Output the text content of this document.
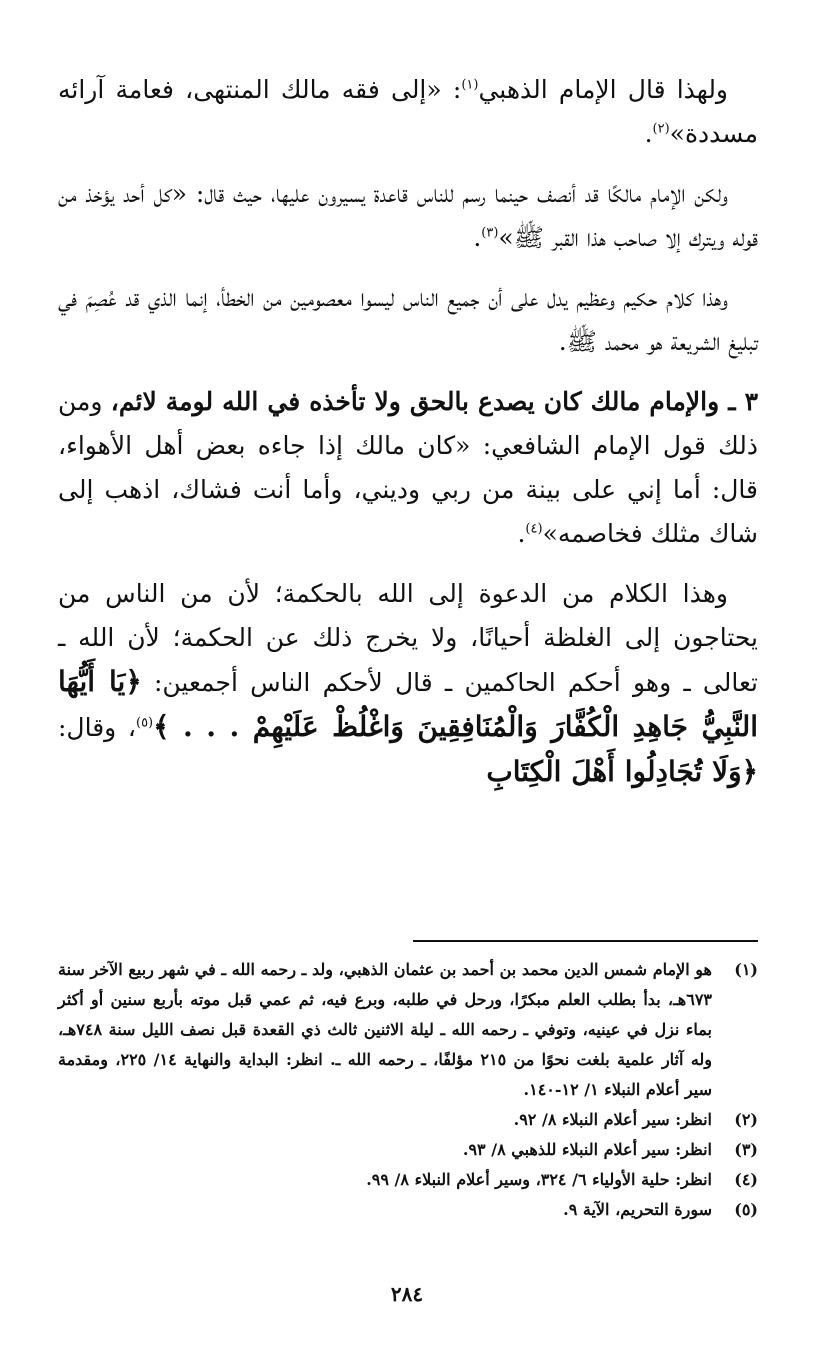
ولهذا قال الإمام الذهبي$^{(١)}$: «إلى فقه مالك المنتهى، فعامة آرائه مسددة»$^{(٢)}$.

ولكن الإمام مالكًا قد أنصف حينما رسم للناس قاعدة يسيرون عليها، حيث قال: «كل أحد يؤخذ من قوله ويترك إلا صاحب هذا القبر ﷺ»$^{(٣)}$.

وهذا كلام حكيم وعظيم يدل على أن جميع الناس ليسوا معصومين من الخطأ، إنما الذي قد عُصِمَ في تبليغ الشريعة هو محمد ﷺ.

٣ ـ والإمام مالك كان يصدع بالحق ولا تأخذه في الله لومة لائم، ومن ذلك قول الإمام الشافعي: «كان مالك إذا جاءه بعض أهل الأهواء، قال: أما إني على بينة من ربي وديني، وأما أنت فشاك، اذهب إلى شاك مثلك فخاصمه»$^{(٤)}$.

وهذا الكلام من الدعوة إلى الله بالحكمة؛ لأن من الناس من يحتاجون إلى الغلظة أحيانًا، ولا يخرج ذلك عن الحكمة؛ لأن الله ـ تعالى ـ وهو أحكم الحاكمين ـ قال لأحكم الناس أجمعين: ﴿يَا أَيُّهَا النَّبِيُّ جَاهِدِ الْكُفَّارَ وَالْمُنَافِقِينَ وَاغْلُظْ عَلَيْهِمْ . . . ﴾$^{(٥)}$، وقال: ﴿وَلَا تُجَادِلُوا أَهْلَ الْكِتَابِ

(١)
هو الإمام شمس الدين محمد بن أحمد بن عثمان الذهبي، ولد ـ رحمه الله ـ في شهر ربيع الآخر سنة ٦٧٣هـ، بدأ بطلب العلم مبكرًا، ورحل في طلبه، وبرع فيه، ثم عمي قبل موته بأربع سنين أو أكثر بماء نزل في عينيه، وتوفي ـ رحمه الله ـ ليلة الاثنين ثالث ذي القعدة قبل نصف الليل سنة ٧٤٨هـ، وله آثار علمية بلغت نحوًا من ٢١٥ مؤلفًا، ـ رحمه الله ـ. انظر: البداية والنهاية ١٤/ ٢٢٥، ومقدمة سير أعلام النبلاء ١/ ١٢-١٤٠.
(٢)
انظر: سير أعلام النبلاء ٨/ ٩٢.
(٣)
انظر: سير أعلام النبلاء للذهبي ٨/ ٩٣.
(٤)
انظر: حلية الأولياء ٦/ ٣٢٤، وسير أعلام النبلاء ٨/ ٩٩.
(٥)
سورة التحريم، الآية ٩.
٢٨٤
